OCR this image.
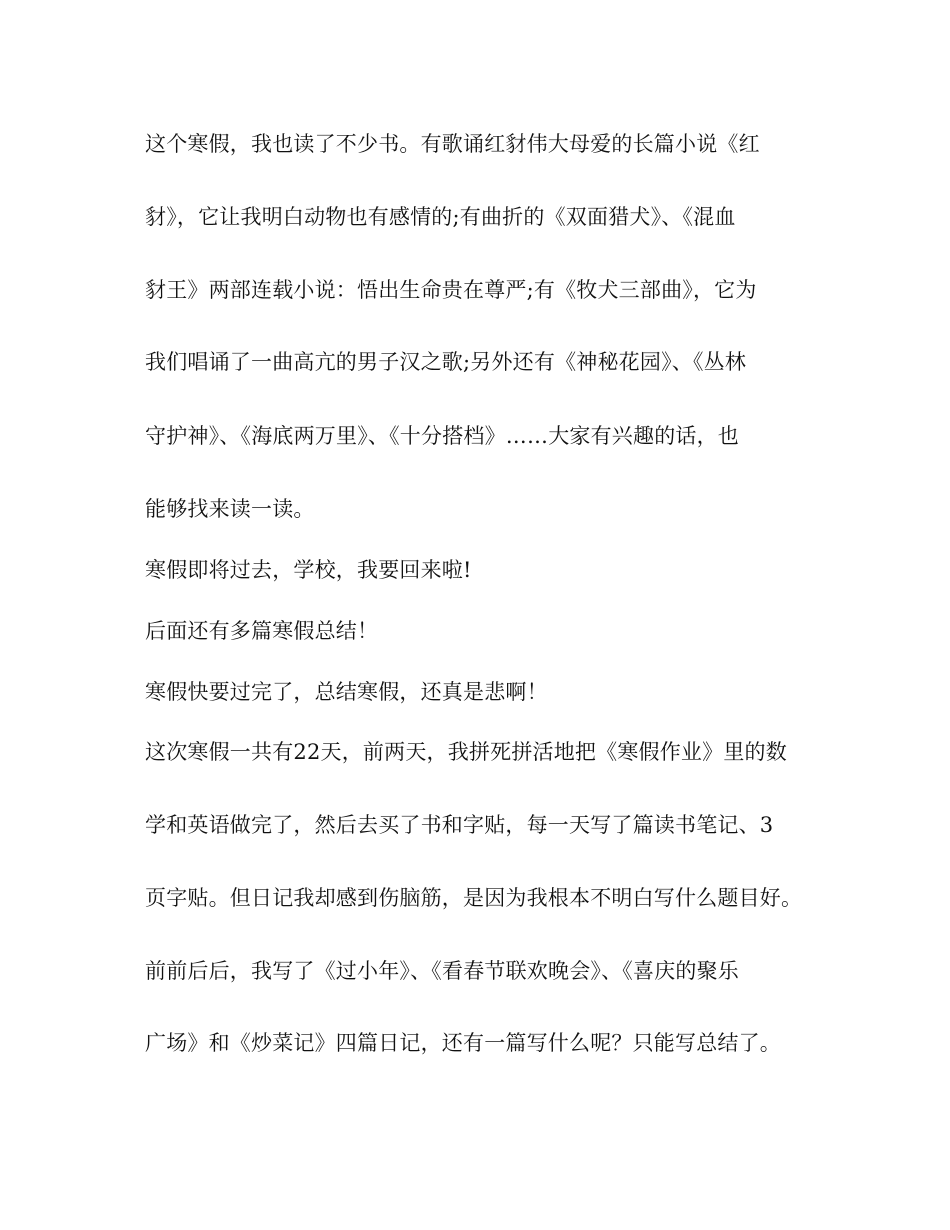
这个寒假，我也读了不少书。有歌诵红豺伟大母爱的长篇小说《红
豺》，它让我明白动物也有感情的;有曲折的《双面猎犬》、《混血
豺王》两部连载小说：悟出生命贵在尊严;有《牧犬三部曲》，它为
我们唱诵了一曲高亢的男子汉之歌;另外还有《神秘花园》、《丛林
守护神》、《海底两万里》、《十分搭档》……大家有兴趣的话，也
能够找来读一读。
寒假即将过去，学校，我要回来啦!
后面还有多篇寒假总结！
寒假快要过完了，总结寒假，还真是悲啊！
这次寒假一共有22天，前两天，我拼死拼活地把《寒假作业》里的数
学和英语做完了，然后去买了书和字贴，每一天写了篇读书笔记、3
页字贴。但日记我却感到伤脑筋，是因为我根本不明白写什么题目好。
前前后后，我写了《过小年》、《看春节联欢晚会》、《喜庆的聚乐
广场》和《炒菜记》四篇日记，还有一篇写什么呢？只能写总结了。
